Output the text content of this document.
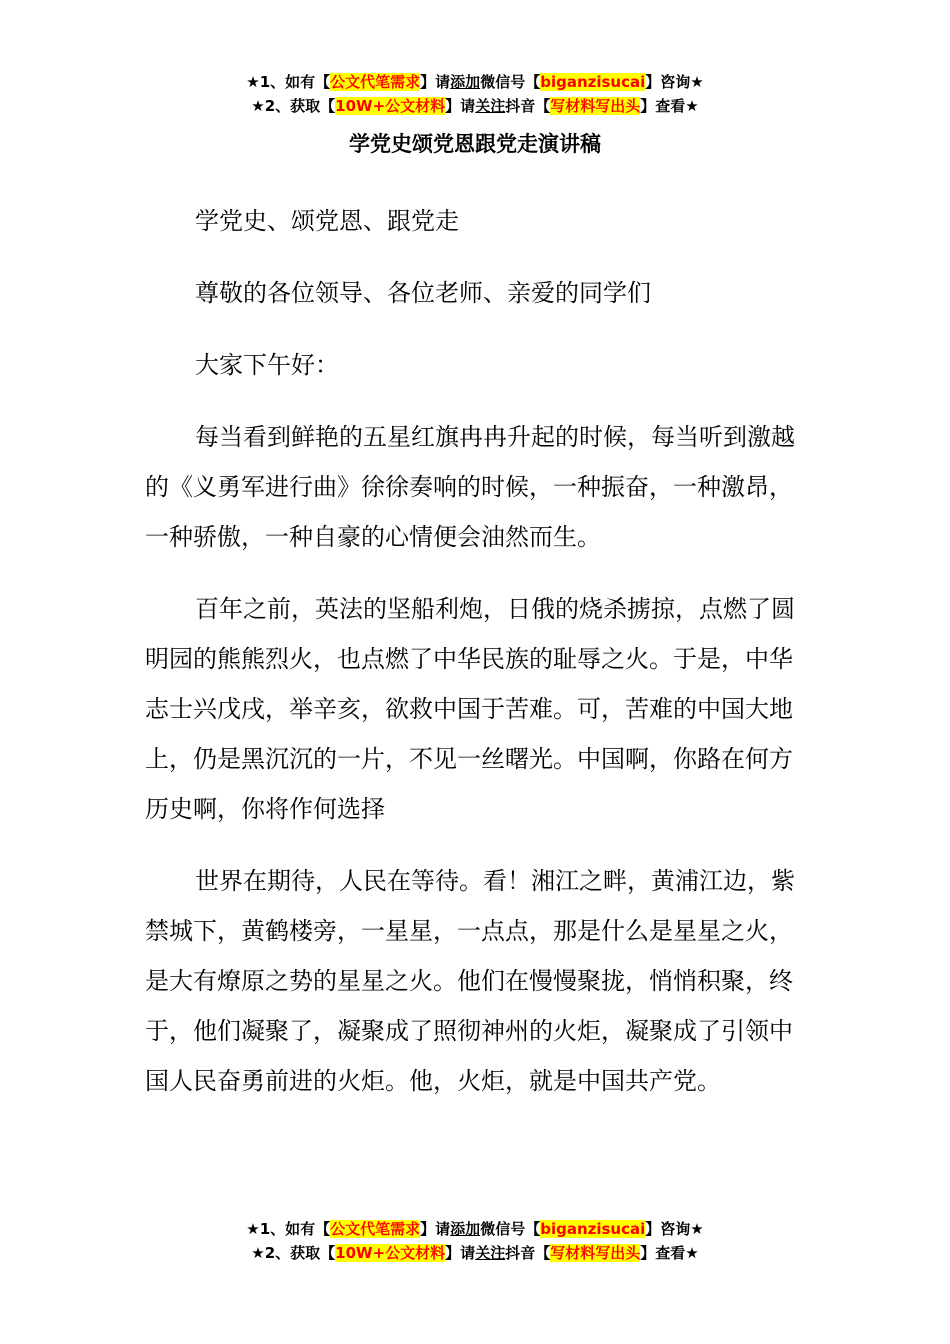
★1、如有【公文代笔需求】请添加微信号【biganzisucai】咨询★
★2、获取【10W+公文材料】请关注抖音【写材料写出头】查看★
学党史颂党恩跟党走演讲稿

学党史、颂党恩、跟党走

尊敬的各位领导、各位老师、亲爱的同学们

大家下午好：

每当看到鲜艳的五星红旗冉冉升起的时候，每当听到激越的《义勇军进行曲》徐徐奏响的时候，一种振奋，一种激昂，一种骄傲，一种自豪的心情便会油然而生。

百年之前，英法的坚船利炮，日俄的烧杀掳掠，点燃了圆明园的熊熊烈火，也点燃了中华民族的耻辱之火。于是，中华志士兴戊戌，举辛亥，欲救中国于苦难。可，苦难的中国大地上，仍是黑沉沉的一片，不见一丝曙光。中国啊，你路在何方历史啊，你将作何选择

世界在期待，人民在等待。看！湘江之畔，黄浦江边，紫禁城下，黄鹤楼旁，一星星，一点点，那是什么是星星之火，是大有燎原之势的星星之火。他们在慢慢聚拢，悄悄积聚，终于，他们凝聚了，凝聚成了照彻神州的火炬，凝聚成了引领中国人民奋勇前进的火炬。他，火炬，就是中国共产党。

★1、如有【公文代笔需求】请添加微信号【biganzisucai】咨询★
★2、获取【10W+公文材料】请关注抖音【写材料写出头】查看★
